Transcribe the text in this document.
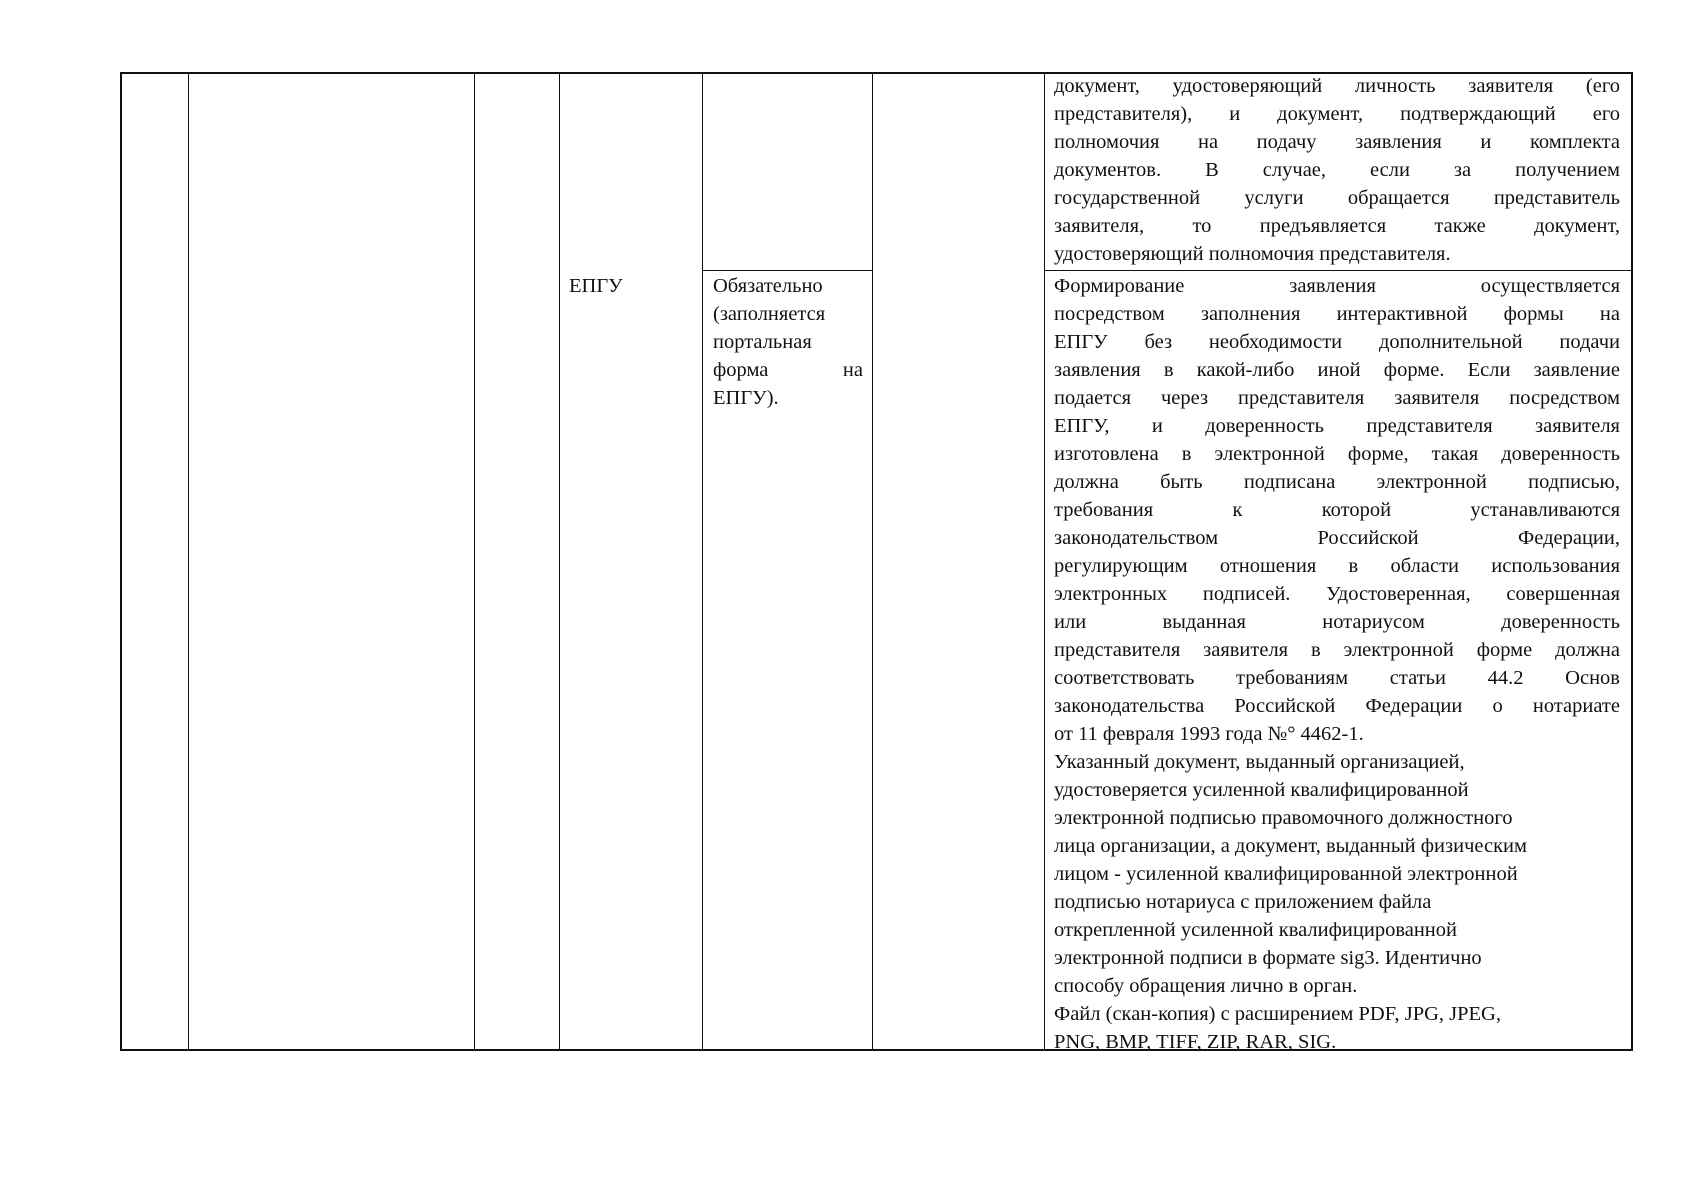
документ, удостоверяющий личность заявителя (его
представителя), и документ, подтверждающий его
полномочия на подачу заявления и комплекта
документов. В случае, если за получением
государственной услуги обращается представитель
заявителя, то предъявляется также документ,
удостоверяющий полномочия представителя.
ЕПГУ	Обязательно
(заполняется
портальная
форма на
ЕПГУ).
Формирование заявления осуществляется
посредством заполнения интерактивной формы на
ЕПГУ без необходимости дополнительной подачи
заявления в какой-либо иной форме. Если заявление
подается через представителя заявителя посредством
ЕПГУ, и доверенность представителя заявителя
изготовлена в электронной форме, такая доверенность
должна быть подписана электронной подписью,
требования к которой устанавливаются
законодательством Российской Федерации,
регулирующим отношения в области использования
электронных подписей. Удостоверенная, совершенная
или выданная нотариусом доверенность
представителя заявителя в электронной форме должна
соответствовать требованиям статьи 44.2 Основ
законодательства Российской Федерации о нотариате
от 11 февраля 1993 года №° 4462-1.
Указанный документ, выданный организацией,
удостоверяется усиленной квалифицированной
электронной подписью правомочного должностного
лица организации, а документ, выданный физическим
лицом - усиленной квалифицированной электронной
подписью нотариуса с приложением файла
открепленной усиленной квалифицированной
электронной подписи в формате sig3. Идентично
способу обращения лично в орган.
Файл (скан-копия) с расширением PDF, JPG, JPEG,
PNG, BMP, TIFF, ZIP, RAR, SIG.
